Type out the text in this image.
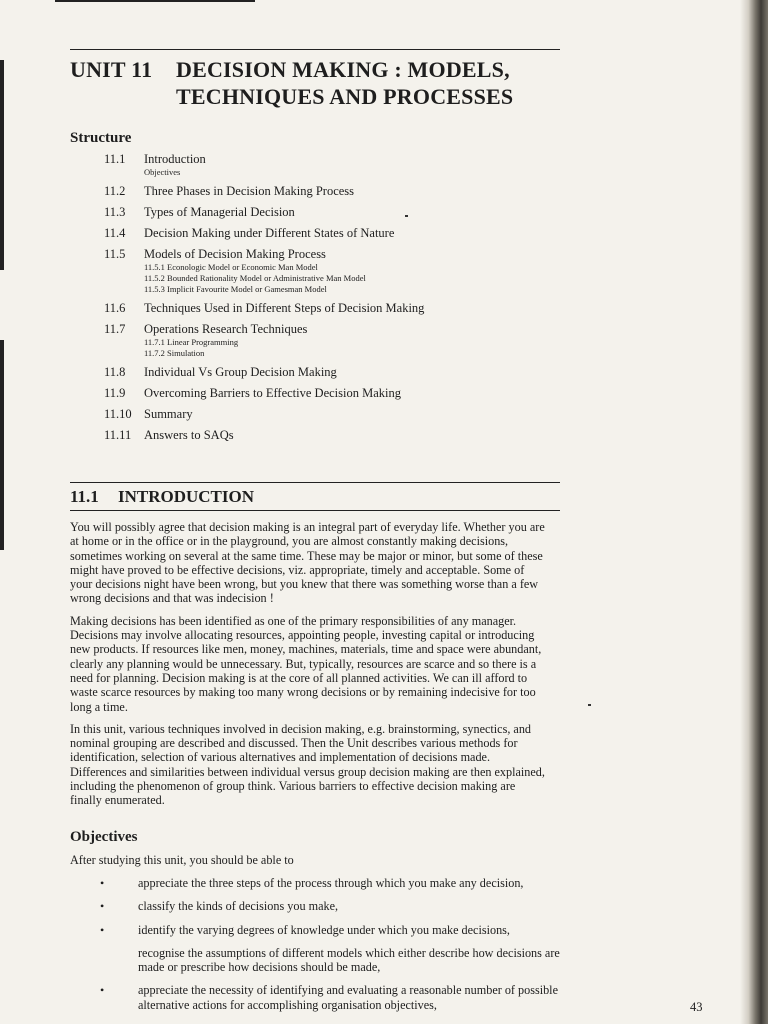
UNIT 11 DECISION MAKING : MODELS,
TECHNIQUES AND PROCESSES
Structure
11.1	Introduction
Objectives
11.2	Three Phases in Decision Making Process
11.3	Types of Managerial Decision
11.4	Decision Making under Different States of Nature
11.5	Models of Decision Making Process
11.5.1 Econologic Model or Economic Man Model
11.5.2 Bounded Rationality Model or Administrative Man Model
11.5.3 Implicit Favourite Model or Gamesman Model
11.6	Techniques Used in Different Steps of Decision Making
11.7	Operations Research Techniques
11.7.1 Linear Programming
11.7.2 Simulation
11.8	Individual Vs Group Decision Making
11.9	Overcoming Barriers to Effective Decision Making
11.10 Summary
11.11	Answers to SAQs
11.1 INTRODUCTION

You will possibly agree that decision making is an integral part of everyday life. Whether you are at home or in the office or in the playground, you are almost constantly making decisions, sometimes working on several at the same time. These may be major or minor, but some of these might have proved to be effective decisions, viz. appropriate, timely and acceptable. Some of your decisions night have been wrong, but you knew that there was something worse than a few wrong decisions and that was indecision !

Making decisions has been identified as one of the primary responsibilities of any manager. Decisions may involve allocating resources, appointing people, investing capital or introducing new products. If resources like men, money, machines, materials, time and space were abundant, clearly any planning would be unnecessary. But, typically, resources are scarce and so there is a need for planning. Decision making is at the core of all planned activities. We can ill afford to waste scarce resources by making too many wrong decisions or by remaining indecisive for too long a time.

In this unit, various techniques involved in decision making, e.g. brainstorming, synectics, and nominal grouping are described and discussed. Then the Unit describes various methods for identification, selection of various alternatives and implementation of decisions made. Differences and similarities between individual versus group decision making are then explained, including the phenomenon of group think. Various barriers to effective decision making are finally enumerated.

Objectives
After studying this unit, you should be able to
•	appreciate the three steps of the process through which you make any decision,
•	classify the kinds of decisions you make,
•	identify the varying degrees of knowledge under which you make decisions,
recognise the assumptions of different models which either describe how decisions are made or prescribe how decisions should be made,
•	appreciate the necessity of identifying and evaluating a reasonable number of possible alternative actions for accomplishing organisation objectives,	43
